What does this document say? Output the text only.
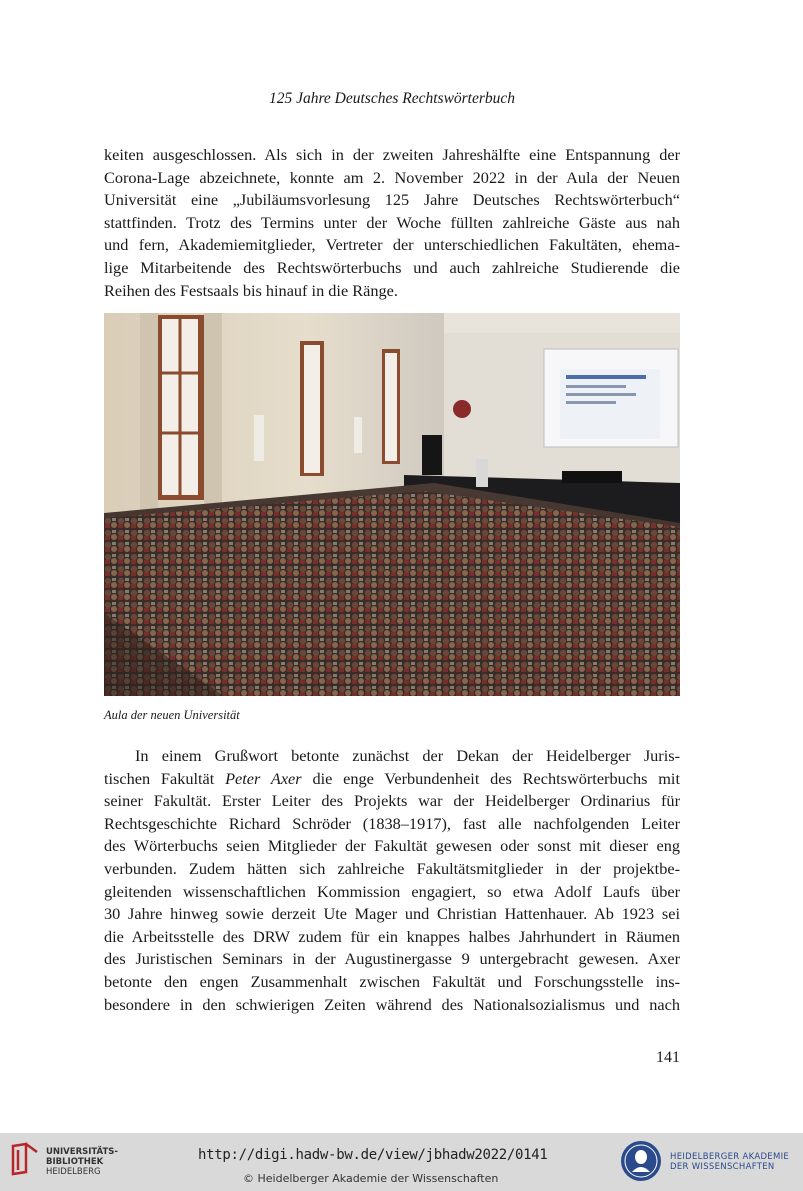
125 Jahre Deutsches Rechtswörterbuch

keiten ausgeschlossen. Als sich in der zweiten Jahreshälfte eine Entspannung der
Corona-Lage abzeichnete, konnte am 2. November 2022 in der Aula der Neuen
Universität eine „Jubiläumsvorlesung 125 Jahre Deutsches Rechtswörterbuch“
stattfinden. Trotz des Termins unter der Woche füllten zahlreiche Gäste aus nah
und fern, Akademiemitglieder, Vertreter der unterschiedlichen Fakultäten, ehema-
lige Mitarbeitende des Rechtswörterbuchs und auch zahlreiche Studierende die
Reihen des Festsaals bis hinauf in die Ränge.

Aula der neuen Universität

In einem Grußwort betonte zunächst der Dekan der Heidelberger Juris-
tischen Fakultät Peter Axer die enge Verbundenheit des Rechtswörterbuchs mit
seiner Fakultät. Erster Leiter des Projekts war der Heidelberger Ordinarius für
Rechtsgeschichte Richard Schröder (1838–1917), fast alle nachfolgenden Leiter
des Wörterbuchs seien Mitglieder der Fakultät gewesen oder sonst mit dieser eng
verbunden. Zudem hätten sich zahlreiche Fakultätsmitglieder in der projektbe-
gleitenden wissenschaftlichen Kommission engagiert, so etwa Adolf Laufs über
30 Jahre hinweg sowie derzeit Ute Mager und Christian Hattenhauer. Ab 1923 sei
die Arbeitsstelle des DRW zudem für ein knappes halbes Jahrhundert in Räumen
des Juristischen Seminars in der Augustinergasse 9 untergebracht gewesen. Axer
betonte den engen Zusammenhalt zwischen Fakultät und Forschungsstelle ins-
besondere in den schwierigen Zeiten während des Nationalsozialismus und nach

141
UNIVERSITÄTS-
BIBLIOTHEK
HEIDELBERG
http://digi.hadw-bw.de/view/jbhadw2022/0141
© Heidelberger Akademie der Wissenschaften
HEIDELBERGER AKADEMIE
DER WISSENSCHAFTEN
